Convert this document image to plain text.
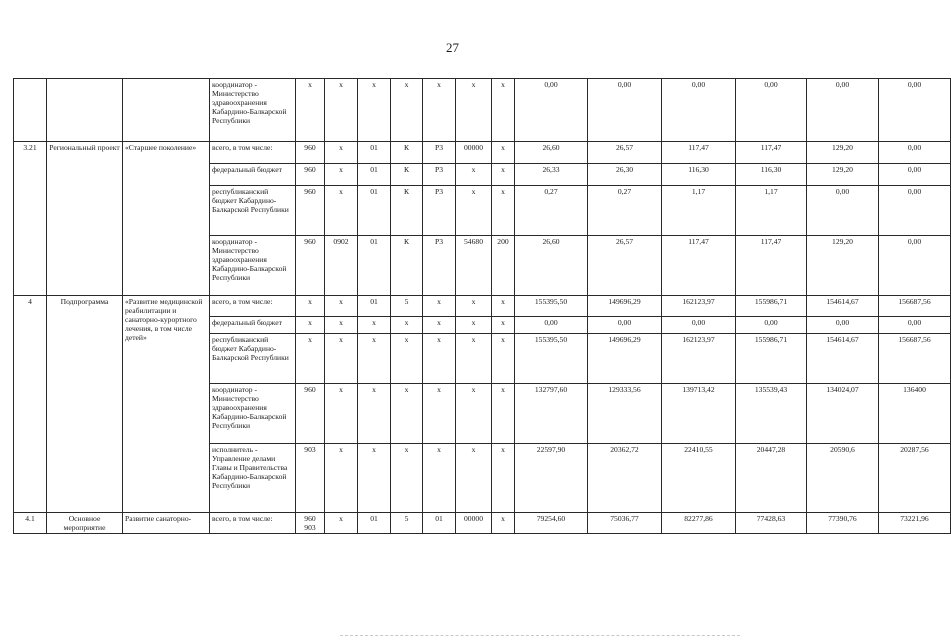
27
			координатор - Министерство здравоохранения Кабардино-Балкарской Республики	х	х	х	х	х	х	х	0,00	0,00	0,00	0,00	0,00	0,00
3.21	Региональный проект	«Старшее поколение»	всего, в том числе:	960	х	01	К	Р3	00000	х	26,60	26,57	117,47	117,47	129,20	0,00
			федеральный бюджет	960	х	01	К	Р3	х	х	26,33	26,30	116,30	116,30	129,20	0,00
			республиканский бюджет Кабардино-Балкарской Республики	960	х	01	К	Р3	х	х	0,27	0,27	1,17	1,17	0,00	0,00
			координатор - Министерство здравоохранения Кабардино-Балкарской Республики	960	0902	01	К	Р3	54680	200	26,60	26,57	117,47	117,47	129,20	0,00
4	Подпрограмма	«Развитие медицинской реабилитации и санаторно-курортного лечения, в том числе детей»	всего, в том числе:	х	х	01	5	х	х	х	155395,50	149696,29	162123,97	155986,71	154614,67	156687,56
			федеральный бюджет	х	х	х	х	х	х	х	0,00	0,00	0,00	0,00	0,00	0,00
			республиканский бюджет Кабардино-Балкарской Республики	х	х	х	х	х	х	х	155395,50	149696,29	162123,97	155986,71	154614,67	156687,56
			координатор - Министерство здравоохранения Кабардино-Балкарской Республики	960	х	х	х	х	х	х	132797,60	129333,56	139713,42	135539,43	134024,07	136400
			исполнитель - Управление делами Главы и Правительства Кабардино-Балкарской Республики	903	х	х	х	х	х	х	22597,90	20362,72	22410,55	20447,28	20590,6	20287,56
4.1	Основное мероприятие	Развитие санаторно-	всего, в том числе:	960 903	х	01	5	01	00000	х	79254,60	75036,77	82277,86	77428,63	77390,76	73221,96
